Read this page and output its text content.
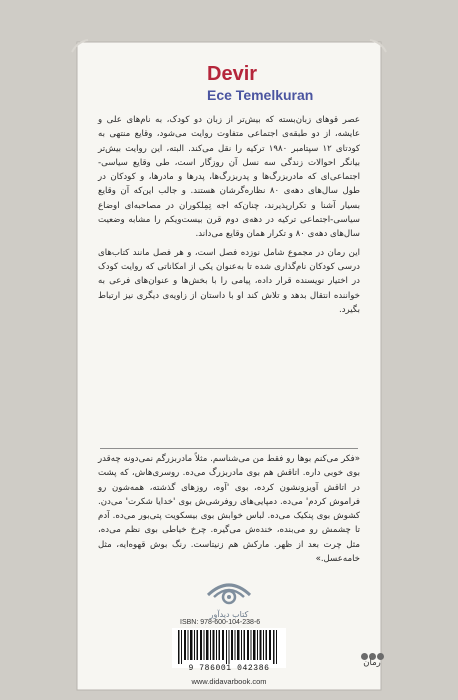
Devir
Ece Temelkuran

عصر قوهای زبان‌بسته که بیش‌تر از زبان دو کودک، به نام‌های علی و عایشه، از دو طبقه‌ی اجتماعی متفاوت روایت می‌شود، وقایع منتهی به کودتای ۱۲ سپتامبر ۱۹۸۰ ترکیه را نقل می‌کند. البته، این روایت بیش‌تر بیانگر احوالات زندگی سه نسل آن روزگار است، طی وقایع سیاسی-اجتماعی‌ای که مادربزرگ‌ها و پدربزرگ‌ها، پدرها و مادرها، و کودکان در طول سال‌های دهه‌ی ۸۰ نظاره‌گرشان هستند. و جالب این‌که آن وقایع بسیار آشنا و تکرارپذیرند، چنان‌که اجه تِمِلکوران در مصاحبه‌ای اوضاع سیاسی-اجتماعی ترکیه در دهه‌ی دوم قرن بیست‌ویکم را مشابه وضعیت سال‌های دهه‌ی ۸۰ و تکرار همان وقایع می‌داند.

این رمان در مجموع شامل نوزده فصل است، و هر فصل مانند کتاب‌های درسی کودکان نام‌گذاری شده تا به‌عنوان یکی از امکاناتی که روایت کودک در اختیار نویسنده قرار داده، پیامی را با بخش‌ها و عنوان‌های فرعی به خواننده انتقال بدهد و تلاش کند او با داستان از زاویه‌ی دیگری نیز ارتباط بگیرد.

«فکر می‌کنم بوها رو فقط من می‌شناسم. مثلاً مادربزرگم نمی‌دونه چه‌قدر بوی خوبی داره. اتاقش هم بوی مادربزرگ می‌ده. روسری‌هاش، که پشت در اتاقش آویزونشون کرده، بوی 'آوه، روزهای گذشته، همه‌شون رو فراموش کردم' می‌ده. دمپایی‌های روفرشی‌ش بوی 'خدایا شکرت' می‌دن. کشوش بوی پنکیک می‌ده. لباس خوابش بوی بیسکویت پتی‌بور می‌ده. آدم تا چشمش رو می‌بنده، خنده‌ش می‌گیره. چرخ خیاطی بوی نظم می‌ده، مثل چرت بعد از ظهر. مارکش هم زنیتاست. رنگ بوش قهوه‌ایه، مثل خامه‌عسل.»

کتاب دیدآور
ISBN: 978-600-104-238-6
9 786001 042386
www.didavarbook.com
رمان
